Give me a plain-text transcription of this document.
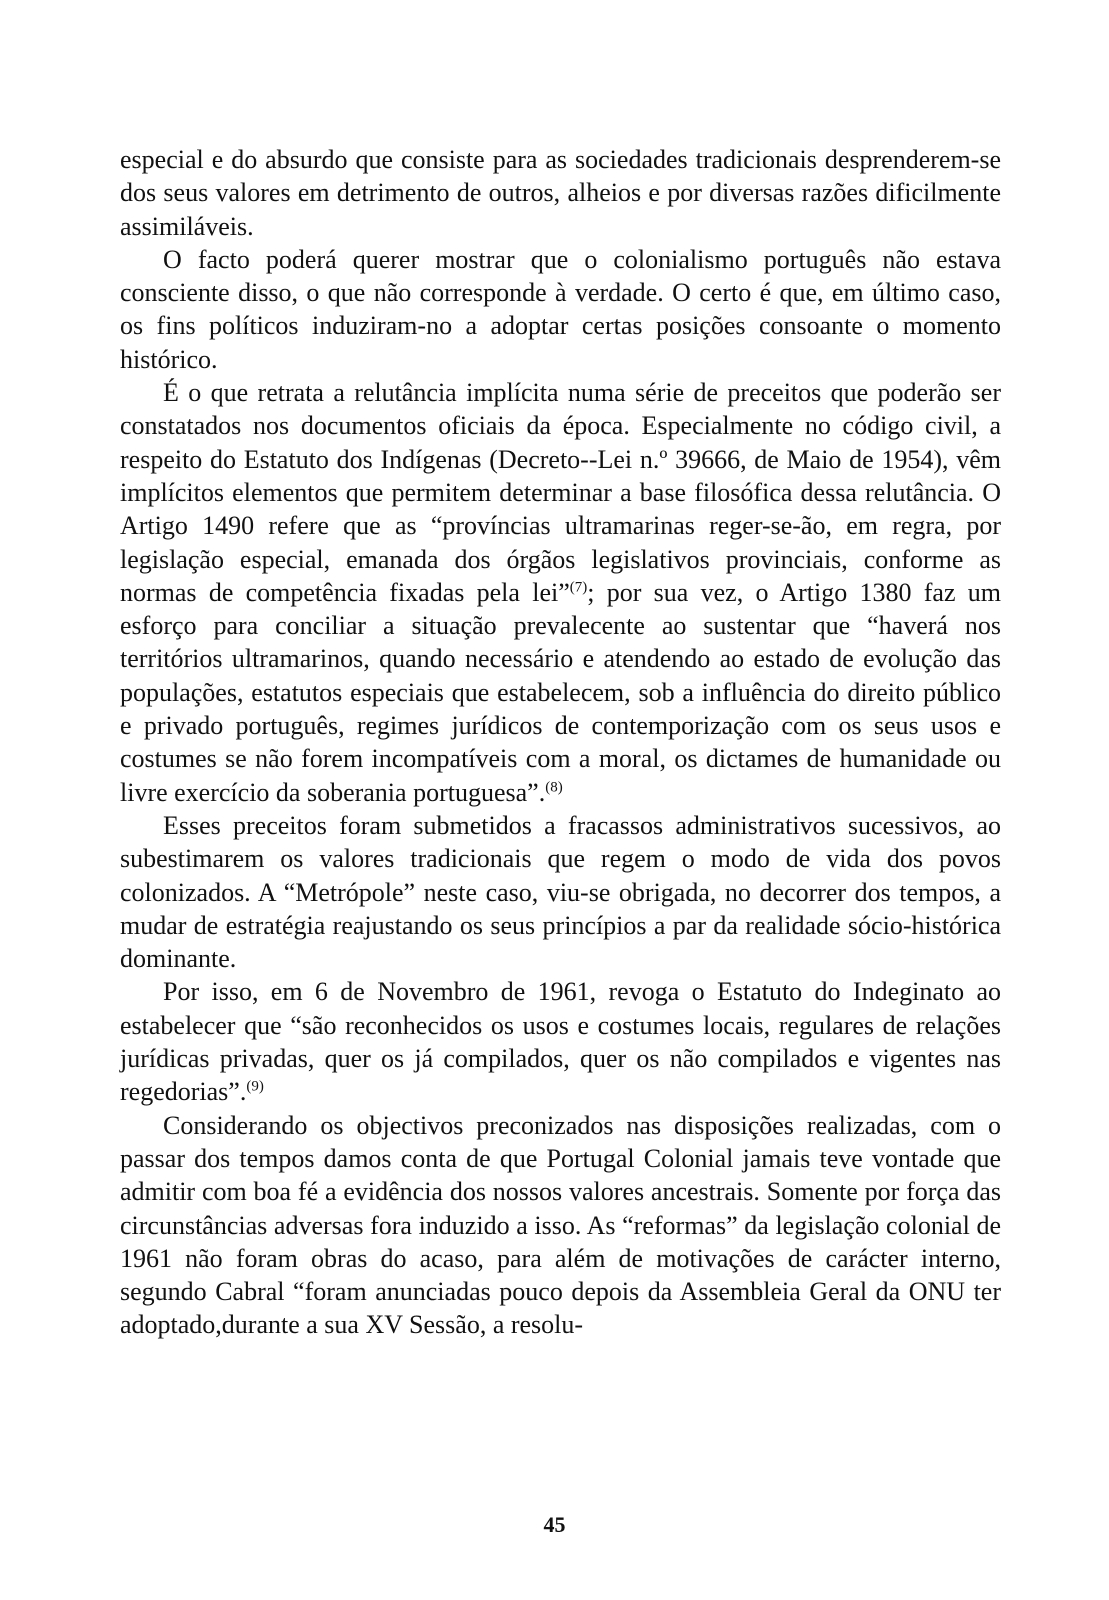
especial e do absurdo que consiste para as sociedades tradicionais desprenderem-se dos seus valores em detrimento de outros, alheios e por diversas razões dificilmente assimiláveis.

O facto poderá querer mostrar que o colonialismo português não estava consciente disso, o que não corresponde à verdade. O certo é que, em último caso, os fins políticos induziram-no a adoptar certas posições consoante o momento histórico.

É o que retrata a relutância implícita numa série de preceitos que poderão ser constatados nos documentos oficiais da época. Especialmente no código civil, a respeito do Estatuto dos Indígenas (Decreto--Lei n.º 39666, de Maio de 1954), vêm implícitos elementos que permitem determinar a base filosófica dessa relutância. O Artigo 1490 refere que as “províncias ultramarinas reger-se-ão, em regra, por legislação especial, emanada dos órgãos legislativos provinciais, conforme as normas de competência fixadas pela lei”$^{(7)}$; por sua vez, o Artigo 1380 faz um esforço para conciliar a situação prevalecente ao sustentar que “haverá nos territórios ultramarinos, quando necessário e atendendo ao estado de evolução das populações, estatutos especiais que estabelecem, sob a influência do direito público e privado português, regimes jurídicos de contemporização com os seus usos e costumes se não forem incompatíveis com a moral, os dictames de humanidade ou livre exercício da soberania portuguesa”.$^{(8)}$

Esses preceitos foram submetidos a fracassos administrativos sucessivos, ao subestimarem os valores tradicionais que regem o modo de vida dos povos colonizados. A “Metrópole” neste caso, viu-se obrigada, no decorrer dos tempos, a mudar de estratégia reajustando os seus princípios a par da realidade sócio-histórica dominante.

Por isso, em 6 de Novembro de 1961, revoga o Estatuto do Indeginato ao estabelecer que “são reconhecidos os usos e costumes locais, regulares de relações jurídicas privadas, quer os já compilados, quer os não compilados e vigentes nas regedorias”.$^{(9)}$

Considerando os objectivos preconizados nas disposições realizadas, com o passar dos tempos damos conta de que Portugal Colonial jamais teve vontade que admitir com boa fé a evidência dos nossos valores ancestrais. Somente por força das circunstâncias adversas fora induzido a isso. As “reformas” da legislação colonial de 1961 não foram obras do acaso, para além de motivações de carácter interno, segundo Cabral “foram anunciadas pouco depois da Assembleia Geral da ONU ter adoptado,durante a sua XV Sessão, a resolu-

45
